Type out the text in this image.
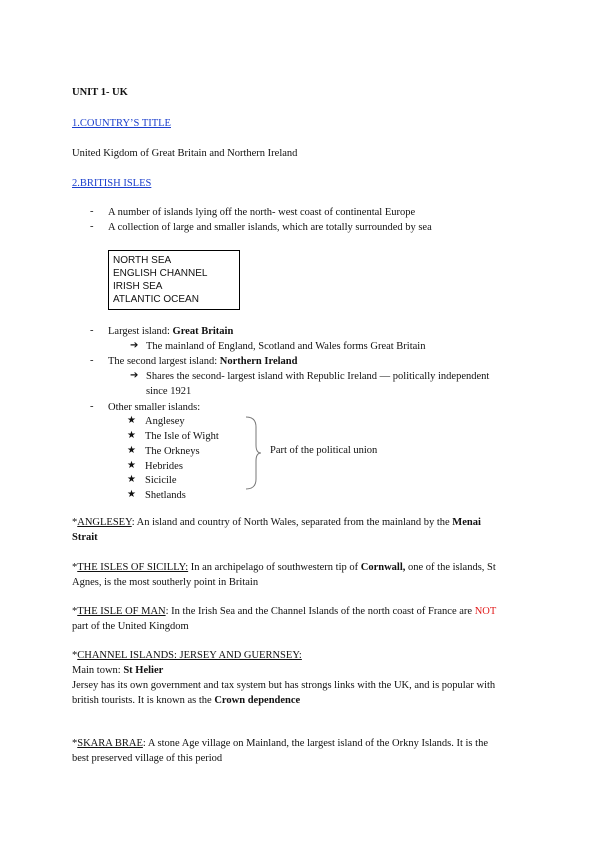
UNIT 1- UK
1.COUNTRY’S TITLE
United Kigdom of Great Britain and Northern Ireland
2.BRITISH ISLES
- A number of islands lying off the north- west coast of continental Europe
- A collection of large and smaller islands, which are totally surrounded by sea
NORTH SEA
ENGLISH CHANNEL
IRISH SEA
ATLANTIC OCEAN
- Largest island: Great Britain
➔ The mainland of England, Scotland and Wales forms Great Britain
- The second largest island: Northern Ireland
➔ Shares the second- largest island with Republic Ireland — politically independent
since 1921
- Other smaller islands:
★ Anglesey
★ The Isle of Wight
★ The Orkneys
★ Hebrides
★ Sicicile
★ Shetlands
Part of the political union
*ANGLESEY: An island and country of North Wales, separated from the mainland by the Menai
Strait
*THE ISLES OF SICILLY: In an archipelago of southwestern tip of Cornwall, one of the islands, St
Agnes, is the most southerly point in Britain
*THE ISLE OF MAN: In the Irish Sea and the Channel Islands of the north coast of France are NOT
part of the United Kingdom
*CHANNEL ISLANDS: JERSEY AND GUERNSEY:
Main town: St Helier
Jersey has its own government and tax system but has strongs links with the UK, and is popular with
british tourists. It is known as the Crown dependence
*SKARA BRAE: A stone Age village on Mainland, the largest island of the Orkny Islands. It is the
best preserved village of this period
